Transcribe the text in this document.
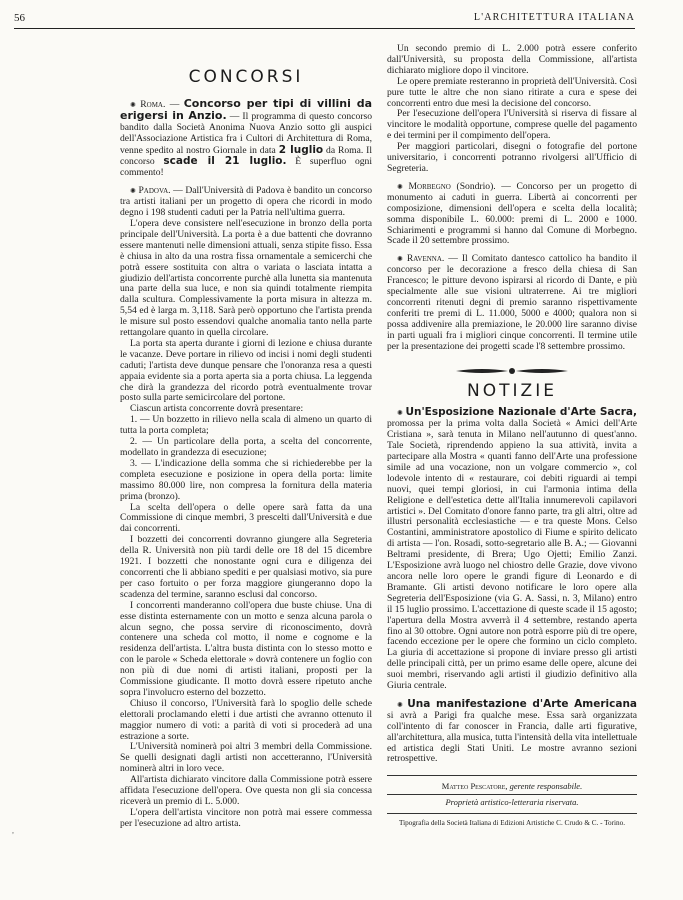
56	L'ARCHITETTURA ITALIANA
CONCORSI

✺ Roma. — Concorso per tipi di villini da erigersi in Anzio. — Il programma di questo concorso bandito dalla Società Anonima Nuova Anzio sotto gli auspici dell'Associazione Artistica fra i Cultori di Architettura di Roma, venne spedito al nostro Giornale in data 2 luglio da Roma. Il concorso scade il 21 luglio. È superfluo ogni commento!

✺ Padova. — Dall'Università di Padova è bandito un concorso tra artisti italiani per un progetto di opera che ricordi in modo degno i 198 studenti caduti per la Patria nell'ultima guerra.

L'opera deve consistere nell'esecuzione in bronzo della porta principale dell'Università. La porta è a due battenti che dovranno essere mantenuti nelle dimensioni attuali, senza stipite fisso. Essa è chiusa in alto da una rostra fissa ornamentale a semicerchi che potrà essere sostituita con altra o variata o lasciata intatta a giudizio dell'artista concorrente purchè alla lunetta sia mantenuta una parte della sua luce, e non sia quindi totalmente riempita dalla scultura. Complessivamente la porta misura in altezza m. 5,54 ed è larga m. 3,118. Sarà però opportuno che l'artista prenda le misure sul posto essendovi qualche anomalia tanto nella parte rettangolare quanto in quella circolare.

La porta sta aperta durante i giorni di lezione e chiusa durante le vacanze. Deve portare in rilievo od incisi i nomi degli studenti caduti; l'artista deve dunque pensare che l'onoranza resa a questi appaia evidente sia a porta aperta sia a porta chiusa. La leggenda che dirà la grandezza del ricordo potrà eventualmente trovar posto sulla parte semicircolare del portone.

Ciascun artista concorrente dovrà presentare:

1. — Un bozzetto in rilievo nella scala di almeno un quarto di tutta la porta completa;

2. — Un particolare della porta, a scelta del concorrente, modellato in grandezza di esecuzione;

3. — L'indicazione della somma che si richiederebbe per la completa esecuzione e posizione in opera della porta: limite massimo 80.000 lire, non compresa la fornitura della materia prima (bronzo).

La scelta dell'opera o delle opere sarà fatta da una Commissione di cinque membri, 3 prescelti dall'Università e due dai concorrenti.

I bozzetti dei concorrenti dovranno giungere alla Segreteria della R. Università non più tardi delle ore 18 del 15 dicembre 1921. I bozzetti che nonostante ogni cura e diligenza dei concorrenti che li abbiano spediti e per qualsiasi motivo, sia pure per caso fortuito o per forza maggiore giungeranno dopo la scadenza del termine, saranno esclusi dal concorso.

I concorrenti manderanno coll'opera due buste chiuse. Una di esse distinta esternamente con un motto e senza alcuna parola o alcun segno, che possa servire di riconoscimento, dovrà contenere una scheda col motto, il nome e cognome e la residenza dell'artista. L'altra busta distinta con lo stesso motto e con le parole « Scheda elettorale » dovrà contenere un foglio con non più di due nomi di artisti italiani, proposti per la Commissione giudicante. Il motto dovrà essere ripetuto anche sopra l'involucro esterno del bozzetto.

Chiuso il concorso, l'Università farà lo spoglio delle schede elettorali proclamando eletti i due artisti che avranno ottenuto il maggior numero di voti: a parità di voti si procederà ad una estrazione a sorte.

L'Università nominerà poi altri 3 membri della Commissione. Se quelli designati dagli artisti non accetteranno, l'Università nominerà altri in loro vece.

All'artista dichiarato vincitore dalla Commissione potrà essere affidata l'esecuzione dell'opera. Ove questa non gli sia concessa riceverà un premio di L. 5.000.

L'opera dell'artista vincitore non potrà mai essere commessa per l'esecuzione ad altro artista.

Un secondo premio di L. 2.000 potrà essere conferito dall'Università, su proposta della Commissione, all'artista dichiarato migliore dopo il vincitore.

Le opere premiate resteranno in proprietà dell'Università. Così pure tutte le altre che non siano ritirate a cura e spese dei concorrenti entro due mesi la decisione del concorso.

Per l'esecuzione dell'opera l'Università si riserva di fissare al vincitore le modalità opportune, comprese quelle del pagamento e dei termini per il compimento dell'opera.

Per maggiori particolari, disegni o fotografie del portone universitario, i concorrenti potranno rivolgersi all'Ufficio di Segreteria.

✺ Morbegno (Sondrio). — Concorso per un progetto di monumento ai caduti in guerra. Libertà ai concorrenti per composizione, dimensioni dell'opera e scelta della località; somma disponibile L. 60.000: premi di L. 2000 e 1000. Schiarimenti e programmi si hanno dal Comune di Morbegno. Scade il 20 settembre prossimo.

✺ Ravenna. — Il Comitato dantesco cattolico ha bandito il concorso per le decorazione a fresco della chiesa di San Francesco; le pitture devono ispirarsi al ricordo di Dante, e più specialmente alle sue visioni ultraterrene. Ai tre migliori concorrenti ritenuti degni di premio saranno rispettivamente conferiti tre premi di L. 11.000, 5000 e 4000; qualora non si possa addivenire alla premiazione, le 20.000 lire saranno divise in parti uguali fra i migliori cinque concorrenti. Il termine utile per la presentazione dei progetti scade l'8 settembre prossimo.

NOTIZIE

✺ Un'Esposizione Nazionale d'Arte Sacra, promossa per la prima volta dalla Società « Amici dell'Arte Cristiana », sarà tenuta in Milano nell'autunno di quest'anno. Tale Società, riprendendo appieno la sua attività, invita a partecipare alla Mostra « quanti fanno dell'Arte una professione simile ad una vocazione, non un volgare commercio », col lodevole intento di « restaurare, coi debiti riguardi ai tempi nuovi, quei tempi gloriosi, in cui l'armonia intima della Religione e dell'estetica dette all'Italia innumerevoli capilavori artistici ». Del Comitato d'onore fanno parte, tra gli altri, oltre ad illustri personalità ecclesiastiche — e tra queste Mons. Celso Costantini, amministratore apostolico di Fiume e spirito delicato di artista — l'on. Rosadi, sotto-segretario alle B. A.; — Giovanni Beltrami presidente, di Brera; Ugo Ojetti; Emilio Zanzi. L'Esposizione avrà luogo nel chiostro delle Grazie, dove vivono ancora nelle loro opere le grandi figure di Leonardo e di Bramante. Gli artisti devono notificare le loro opere alla Segreteria dell'Esposizione (via G. A. Sassi, n. 3, Milano) entro il 15 luglio prossimo. L'accettazione di queste scade il 15 agosto; l'apertura della Mostra avverrà il 4 settembre, restando aperta fino al 30 ottobre. Ogni autore non potrà esporre più di tre opere, facendo eccezione per le opere che formino un ciclo completo. La giuria di accettazione si propone di inviare presso gli artisti delle principali città, per un primo esame delle opere, alcune dei suoi membri, riservando agli artisti il giudizio definitivo alla Giuria centrale.

✺ Una manifestazione d'Arte Americana si avrà a Parigi fra qualche mese. Essa sarà organizzata coll'intento di far conoscer in Francia, dalle arti figurative, all'architettura, alla musica, tutta l'intensità della vita intellettuale ed artistica degli Stati Uniti. Le mostre avranno sezioni retrospettive.

Matteo Pescatore, gerente responsabile.
Proprietà artistico-letteraria riservata.
Tipografia della Società Italiana di Edizioni Artistiche C. Crudo & C. - Torino.
,
